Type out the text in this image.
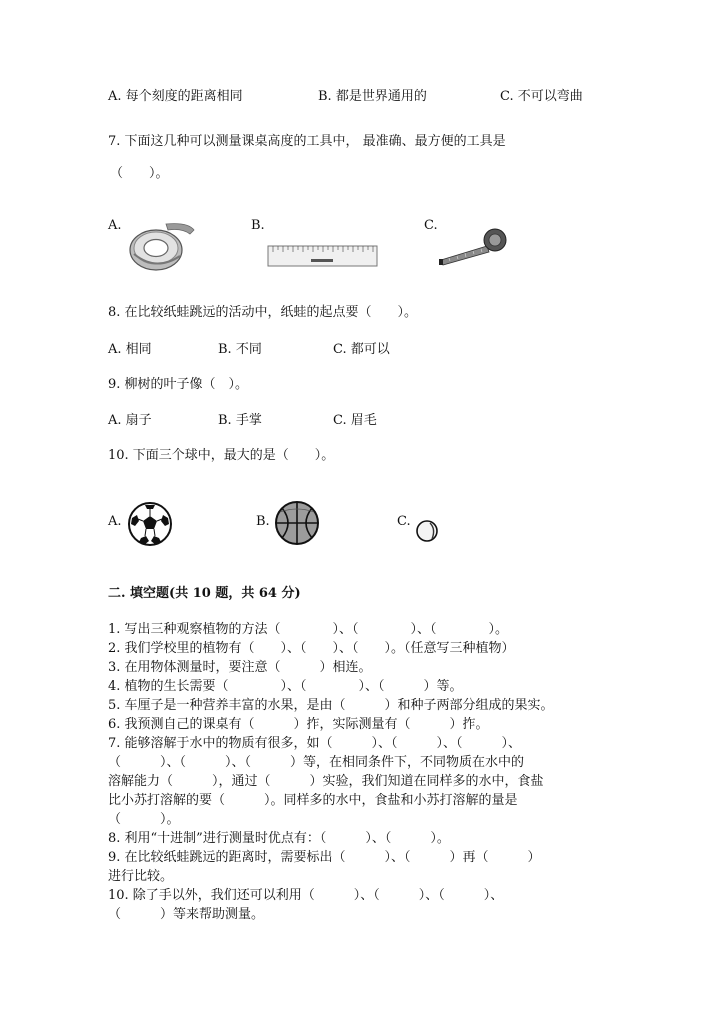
A. 每个刻度的距离相同	B. 都是世界通用的	C. 不可以弯曲
7. 下面这几种可以测量课桌高度的工具中， 最准确、最方便的工具是
（　　）。
A.	B.	C.
8. 在比较纸蛙跳远的活动中，纸蛙的起点要（　　）。
A. 相同	B. 不同	C. 都可以
9. 柳树的叶子像（　）。
A. 扇子	B. 手掌	C. 眉毛
10. 下面三个球中，最大的是（　　）。
A.	B.	C.
二. 填空题(共 10 题，共 64 分)
1. 写出三种观察植物的方法（　　　　）、（　　　　）、（　　　　）。
2. 我们学校里的植物有（　　）、（　　）、（　　）。（任意写三种植物）
3. 在用物体测量时，要注意（　　　）相连。
4. 植物的生长需要（　　　　）、（　　　　）、（　　　）等。
5. 车厘子是一种营养丰富的水果，是由（　　　）和种子两部分组成的果实。
6. 我预测自己的课桌有（　　　）拃，实际测量有（　　　）拃。
7. 能够溶解于水中的物质有很多，如（　　　）、（　　　）、（　　　）、
（　　　）、（　　　）、（　　　）等，在相同条件下，不同物质在水中的
溶解能力（　　　），通过（　　　）实验，我们知道在同样多的水中，食盐
比小苏打溶解的要（　　　）。同样多的水中，食盐和小苏打溶解的量是
（　　　）。
8. 利用“十进制”进行测量时优点有：（　　　）、（　　　）。
9. 在比较纸蛙跳远的距离时，需要标出（　　　）、（　　　）再（　　　）
进行比较。
10. 除了手以外，我们还可以利用（　　　）、（　　　）、（　　　）、
（　　　）等来帮助测量。
